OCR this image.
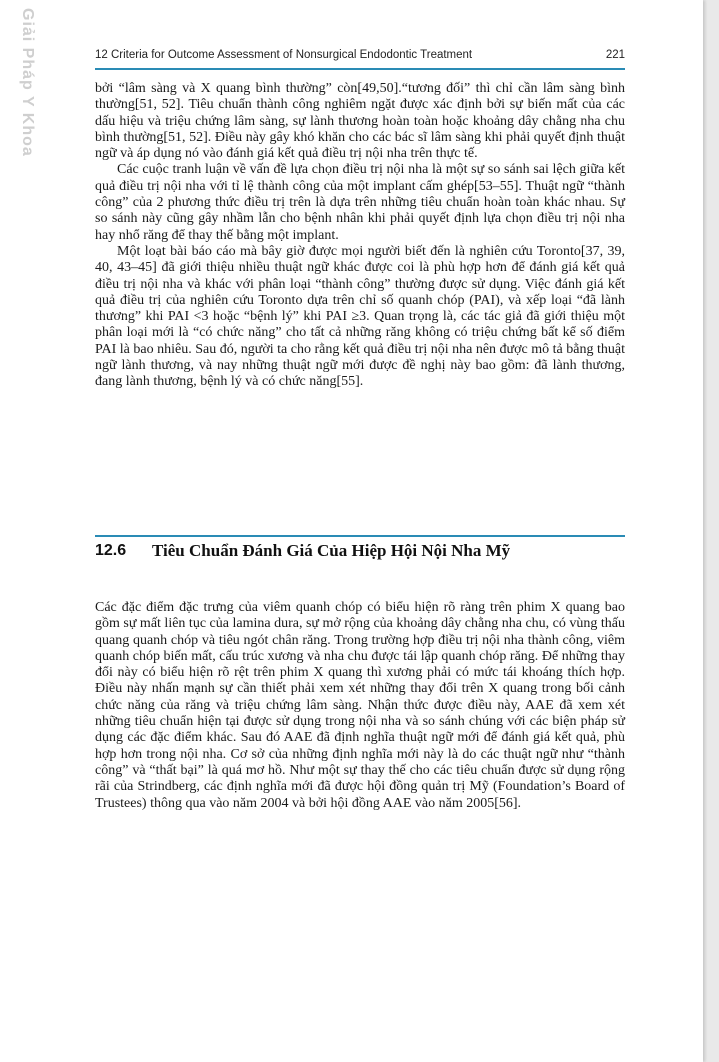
Giải Pháp Y Khoa	12 Criteria for Outcome Assessment of Nonsurgical Endodontic Treatment	221

bởi “lâm sàng và X quang bình thường” còn[49,50].“tương đối” thì chỉ cần lâm sàng bình thường[51, 52]. Tiêu chuẩn thành công nghiêm ngặt được xác định bởi sự biến mất của các dấu hiệu và triệu chứng lâm sàng, sự lành thương hoàn toàn hoặc khoảng dây chằng nha chu bình thường[51, 52]. Điều này gây khó khăn cho các bác sĩ lâm sàng khi phải quyết định thuật ngữ và áp dụng nó vào đánh giá kết quả điều trị nội nha trên thực tế.

Các cuộc tranh luận về vấn đề lựa chọn điều trị nội nha là một sự so sánh sai lệch giữa kết quả điều trị nội nha với tỉ lệ thành công của một implant cấm ghép[53–55]. Thuật ngữ “thành công” của 2 phương thức điều trị trên là dựa trên những tiêu chuẩn hoàn toàn khác nhau. Sự so sánh này cũng gây nhầm lẫn cho bệnh nhân khi phải quyết định lựa chọn điều trị nội nha hay nhổ răng để thay thế bằng một implant.

Một loạt bài báo cáo mà bây giờ được mọi người biết đến là nghiên cứu Toronto[37, 39, 40, 43–45] đã giới thiệu nhiều thuật ngữ khác được coi là phù hợp hơn để đánh giá kết quả điều trị nội nha và khác với phân loại “thành công” thường được sử dụng. Việc đánh giá kết quả điều trị của nghiên cứu Toronto dựa trên chỉ số quanh chóp (PAI), và xếp loại “đã lành thương” khi PAI <3 hoặc “bệnh lý” khi PAI ≥3. Quan trọng là, các tác giả đã giới thiệu một phân loại mới là “có chức năng” cho tất cả những răng không có triệu chứng bất kể số điểm PAI là bao nhiêu. Sau đó, người ta cho rằng kết quả điều trị nội nha nên được mô tả bằng thuật ngữ lành thương, và nay những thuật ngữ mới được đề nghị này bao gồm: đã lành thương, đang lành thương, bệnh lý và có chức năng[55].

12.6 Tiêu Chuẩn Đánh Giá Của Hiệp Hội Nội Nha Mỹ

Các đặc điểm đặc trưng của viêm quanh chóp có biểu hiện rõ ràng trên phim X quang bao gồm sự mất liên tục của lamina dura, sự mở rộng của khoảng dây chằng nha chu, có vùng thấu quang quanh chóp và tiêu ngót chân răng. Trong trường hợp điều trị nội nha thành công, viêm quanh chóp biến mất, cấu trúc xương và nha chu được tái lập quanh chóp răng. Để những thay đổi này có biểu hiện rõ rệt trên phim X quang thì xương phải có mức tái khoáng thích hợp. Điều này nhấn mạnh sự cần thiết phải xem xét những thay đổi trên X quang trong bối cảnh chức năng của răng và triệu chứng lâm sàng. Nhận thức được điều này, AAE đã xem xét những tiêu chuẩn hiện tại được sử dụng trong nội nha và so sánh chúng với các biện pháp sử dụng các đặc điểm khác. Sau đó AAE đã định nghĩa thuật ngữ mới để đánh giá kết quả, phù hợp hơn trong nội nha. Cơ sở của những định nghĩa mới này là do các thuật ngữ như “thành công” và “thất bại” là quá mơ hồ. Như một sự thay thế cho các tiêu chuẩn được sử dụng rộng rãi của Strindberg, các định nghĩa mới đã được hội đồng quản trị Mỹ (Foundation’s Board of Trustees) thông qua vào năm 2004 và bởi hội đồng AAE vào năm 2005[56].
